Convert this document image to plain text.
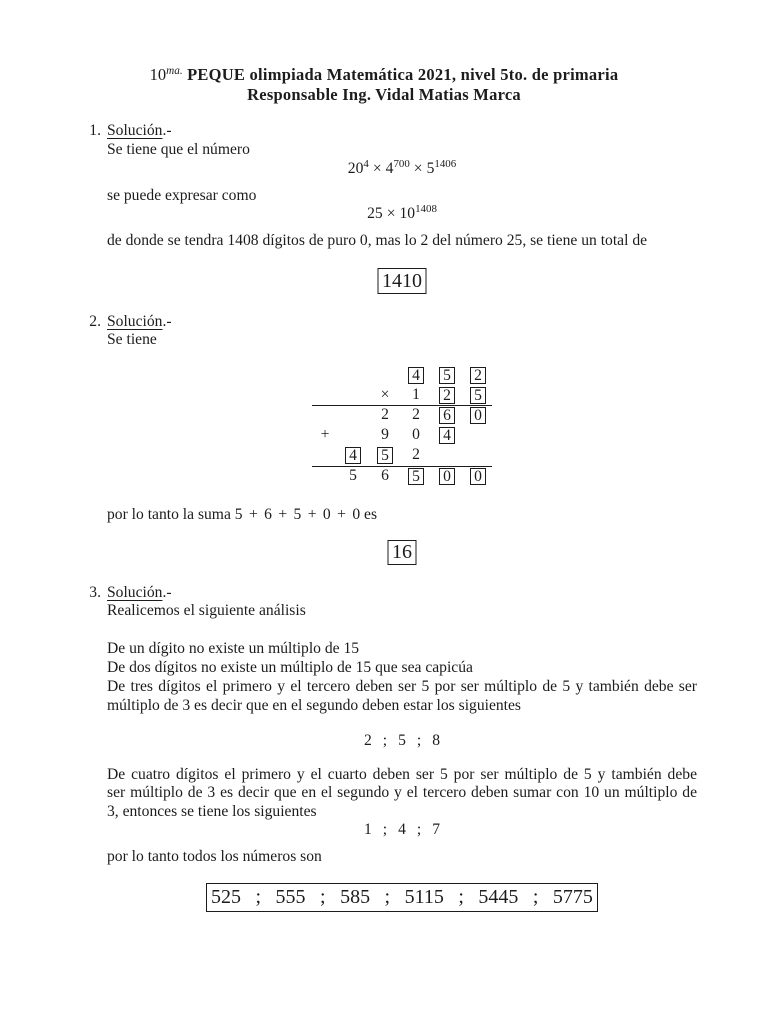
$10^{ma.}$ PEQUE olimpiada Matemática 2021, nivel 5to. de primaria
Responsable Ing. Vidal Matias Marca
1. Solución.-
Se tiene que el número
$20^4 \times 4^{700} \times 5^{1406}$
se puede expresar como
$25 \times 10^{1408}$
de donde se tendra 1408 dígitos de puro 0, mas lo 2 del número 25, se tiene un total de
1410
2. Solución.-
Se tiene
4 5 2
× 1 2 5
2 2 6 0
+	9 0 4
4 5 2
5 6 5 0 0
por lo tanto la suma 5 + 6 + 5 + 0 + 0 es
16
3. Solución.-
Realicemos el siguiente análisis
De un dígito no existe un múltiplo de 15
De dos dígitos no existe un múltiplo de 15 que sea capicúa
De tres dígitos el primero y el tercero deben ser 5 por ser múltiplo de 5 y también debe ser
múltiplo de 3 es decir que en el segundo deben estar los siguientes
2 ; 5 ; 8
De cuatro dígitos el primero y el cuarto deben ser 5 por ser múltiplo de 5 y también debe
ser múltiplo de 3 es decir que en el segundo y el tercero deben sumar con 10 un múltiplo de
3, entonces se tiene los siguientes
1 ; 4 ; 7
por lo tanto todos los números son
525 ; 555 ; 585 ; 5115 ; 5445 ; 5775
